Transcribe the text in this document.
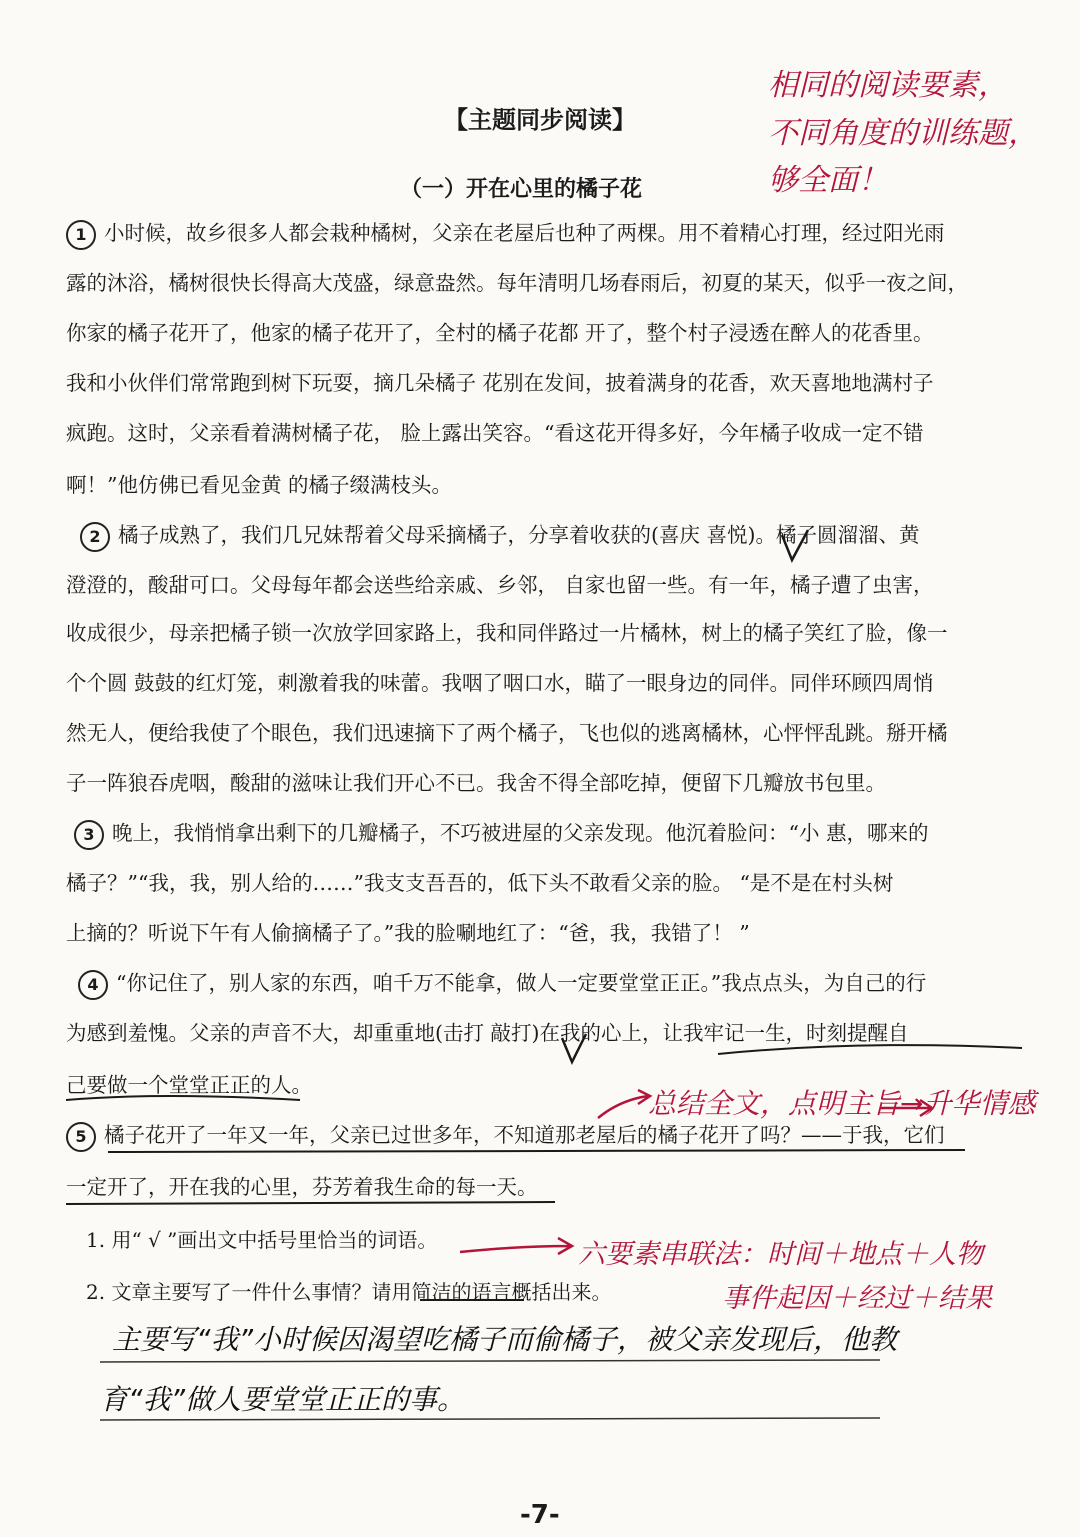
【主题同步阅读】
（一）开在心里的橘子花
相同的阅读要素，
不同角度的训练题，
够全面！
1 小时候，故乡很多人都会栽种橘树，父亲在老屋后也种了两棵。用不着精心打理，经过阳光雨
露的沐浴，橘树很快长得高大茂盛，绿意盎然。每年清明几场春雨后，初夏的某天，似乎一夜之间，
你家的橘子花开了，他家的橘子花开了，全村的橘子花都 开了，整个村子浸透在醉人的花香里。
我和小伙伴们常常跑到树下玩耍，摘几朵橘子 花别在发间，披着满身的花香，欢天喜地地满村子
疯跑。这时，父亲看着满树橘子花， 脸上露出笑容。“看这花开得多好，今年橘子收成一定不错
啊！”他仿佛已看见金黄 的橘子缀满枝头。
2 橘子成熟了，我们几兄妹帮着父母采摘橘子，分享着收获的(喜庆 喜悦)。橘子圆溜溜、黄
澄澄的，酸甜可口。父母每年都会送些给亲戚、乡邻， 自家也留一些。有一年，橘子遭了虫害，
收成很少，母亲把橘子锁一次放学回家路上，我和同伴路过一片橘林，树上的橘子笑红了脸，像一
个个圆 鼓鼓的红灯笼，刺激着我的味蕾。我咽了咽口水，瞄了一眼身边的同伴。同伴环顾四周悄
然无人，便给我使了个眼色，我们迅速摘下了两个橘子，飞也似的逃离橘林，心怦怦乱跳。掰开橘
子一阵狼吞虎咽，酸甜的滋味让我们开心不已。我舍不得全部吃掉，便留下几瓣放书包里。
3 晚上，我悄悄拿出剩下的几瓣橘子，不巧被进屋的父亲发现。他沉着脸问：“小 惠，哪来的
橘子？”“我，我，别人给的……”我支支吾吾的，低下头不敢看父亲的脸。 “是不是在村头树
上摘的？听说下午有人偷摘橘子了。”我的脸唰地红了：“爸，我，我错了！ ”
4 “你记住了，别人家的东西，咱千万不能拿，做人一定要堂堂正正。”我点点头，为自己的行
为感到羞愧。父亲的声音不大，却重重地(击打 敲打)在我的心上，让我牢记一生，时刻提醒自
己要做一个堂堂正正的人。
总结全文，点明主旨→升华情感
5 橘子花开了一年又一年，父亲已过世多年，不知道那老屋后的橘子花开了吗？——于我，它们
一定开了，开在我的心里，芬芳着我生命的每一天。
1. 用“ √ ”画出文中括号里恰当的词语。
2. 文章主要写了一件什么事情？请用简洁的语言概括出来。
六要素串联法：时间＋地点＋人物
事件起因＋经过＋结果
主要写“我”小时候因渴望吃橘子而偷橘子，被父亲发现后，他教
育“我”做人要堂堂正正的事。
-7-
